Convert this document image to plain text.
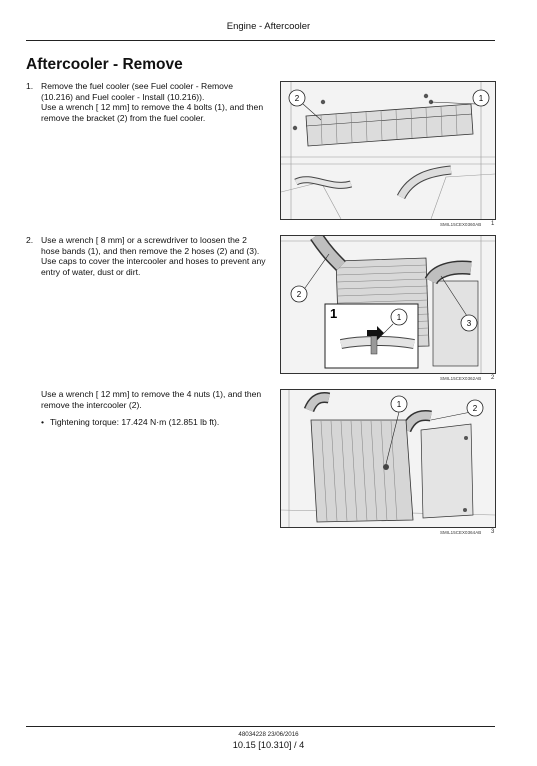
Engine - Aftercooler
Aftercooler - Remove
1. Remove the fuel cooler (see Fuel cooler - Remove (10.216) and Fuel cooler - Install (10.216)).

Use a wrench [ 12 mm] to remove the 4 bolts (1), and then remove the bracket (2) from the fuel cooler.

2. Use a wrench [ 8 mm] or a screwdriver to loosen the 2 hose bands (1), and then remove the 2 hoses (2) and (3).

Use caps to cover the intercooler and hoses to prevent any entry of water, dust or dirt.

Use a wrench [ 12 mm] to remove the 4 nuts (1), and then remove the intercooler (2).

• Tightening torque: 17.424 N·m (12.851 lb ft).
2	1
SMIL15CEX0360AB 1
1	1
2
3
SMIL15CEX0362AB 2
1	2
SMIL15CEX0364AB 3
48034228 23/06/2016
10.15 [10.310] / 4
